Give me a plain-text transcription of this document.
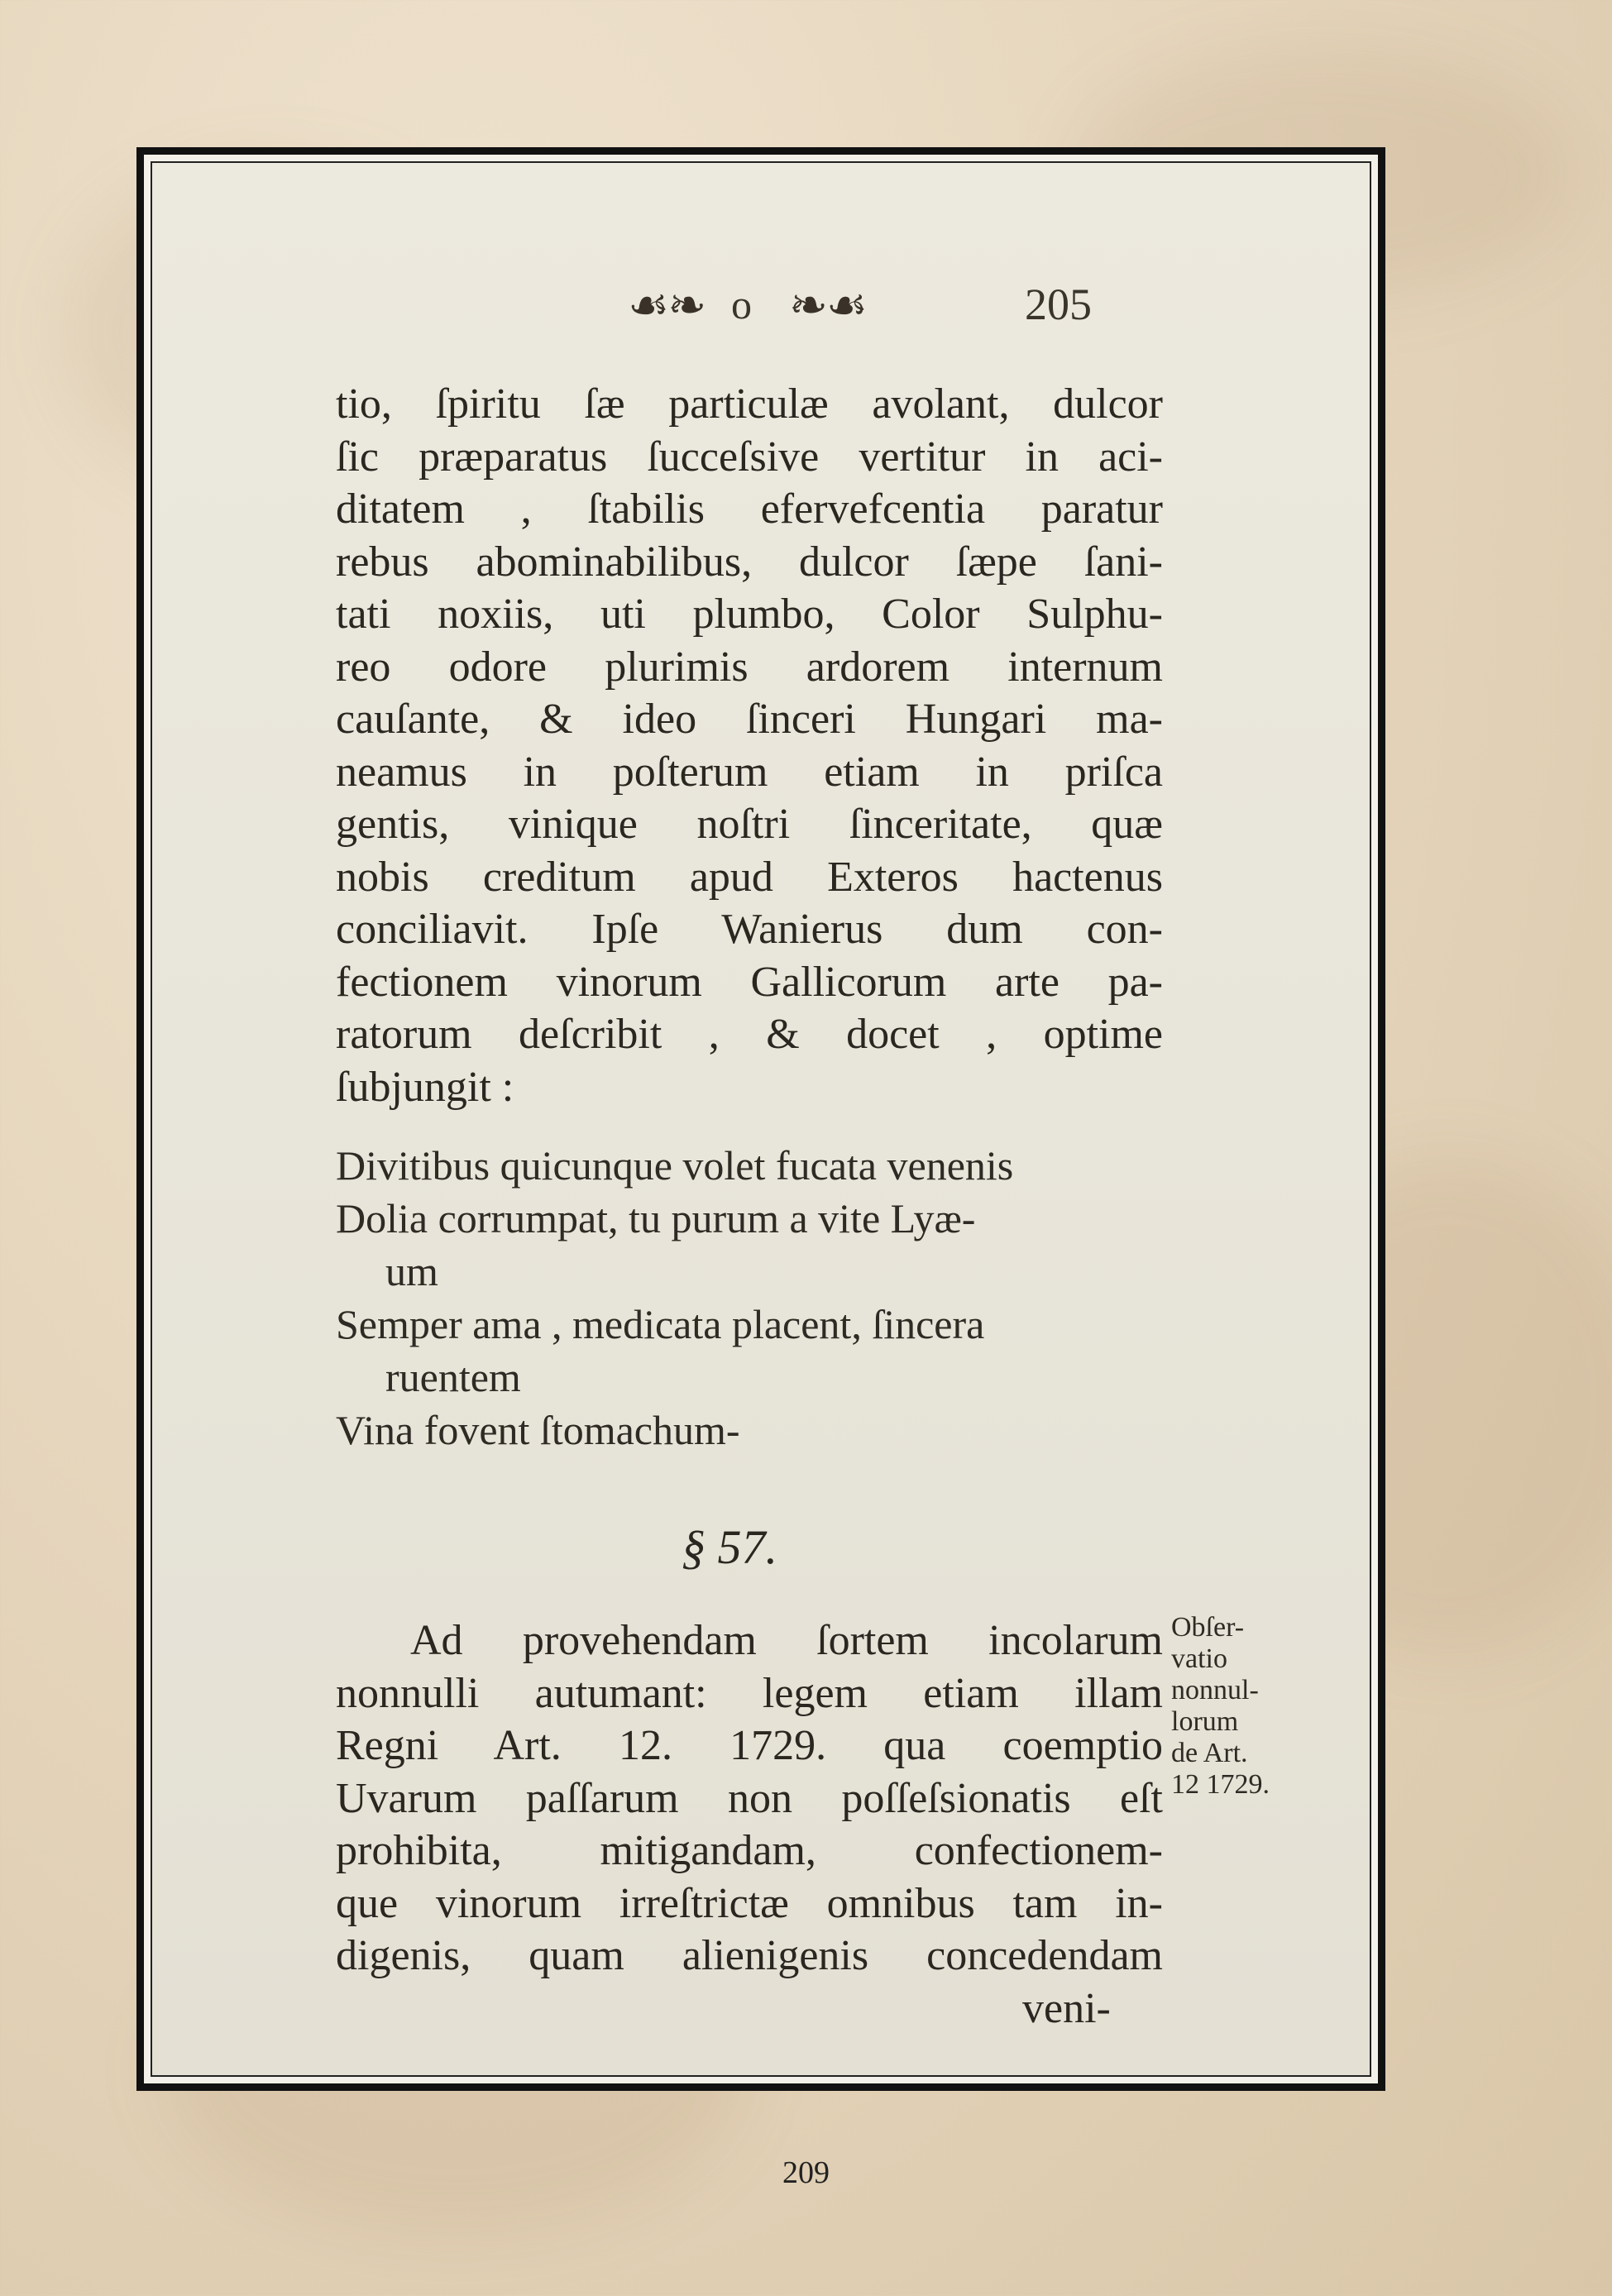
☙❧ o ❧☙	205
tio, ſpiritu ſæ particulæ avolant, dulcor
ſic præparatus ſucceſsive vertitur in aci-
ditatem , ſtabilis efervefcentia paratur
rebus abominabilibus, dulcor ſæpe ſani-
tati noxiis, uti plumbo, Color Sulphu-
reo odore plurimis ardorem internum
cauſante, & ideo ſinceri Hungari ma-
neamus in poſterum etiam in priſca
gentis, vinique noſtri ſinceritate, quæ
nobis creditum apud Exteros hactenus
conciliavit. Ipſe Wanierus dum con-
fectionem vinorum Gallicorum arte pa-
ratorum deſcribit , & docet , optime
ſubjungit :
Divitibus quicunque volet fucata venenis
Dolia corrumpat, tu purum a vite Lyæ-
um
Semper ama , medicata placent, ſincera
ruentem
Vina fovent ſtomachum-
§ 57.
Ad provehendam ſortem incolarum
nonnulli autumant: legem etiam illam
Regni Art. 12. 1729. qua coemptio
Uvarum paſſarum non poſſeſsionatis eſt
prohibita, mitigandam, confectionem-
que vinorum irreſtrictæ omnibus tam in-
digenis, quam alienigenis concedendam
veni-
Obſer-
vatio
nonnul-
lorum
de Art.
12 1729.
209
